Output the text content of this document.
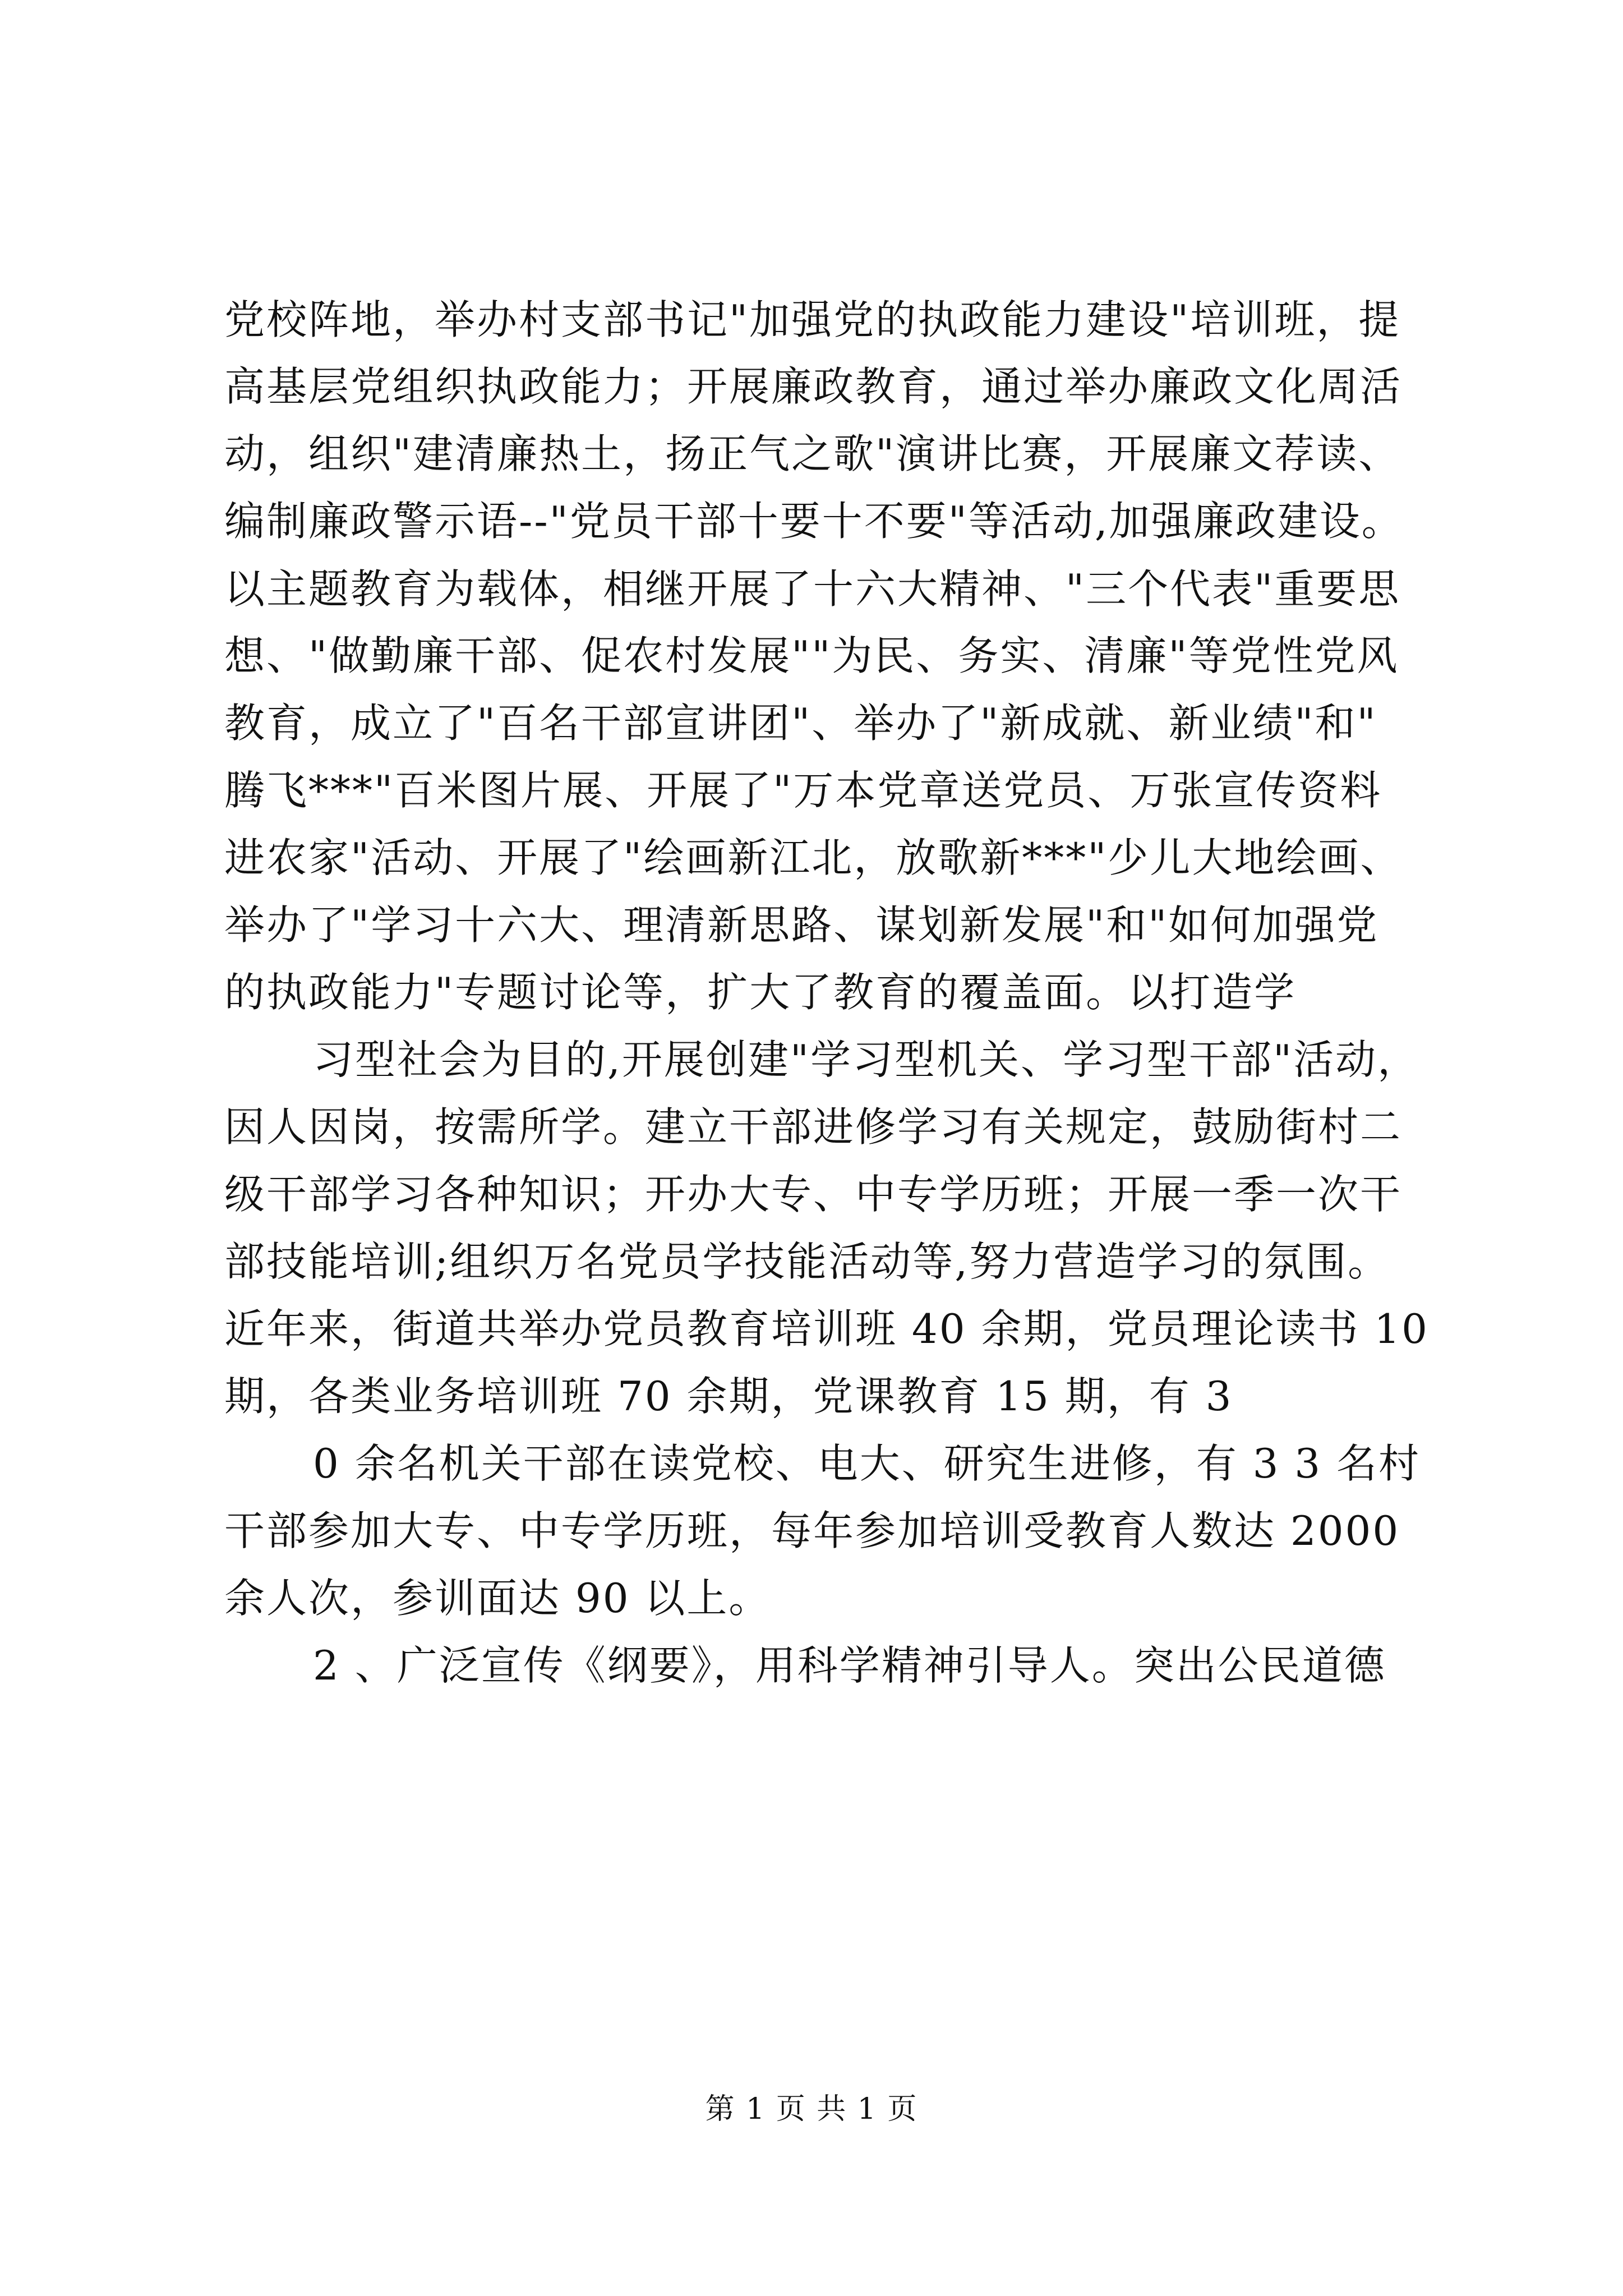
党校阵地，举办村支部书记"加强党的执政能力建设"培训班，提
高基层党组织执政能力；开展廉政教育，通过举办廉政文化周活
动，组织"建清廉热土，扬正气之歌"演讲比赛，开展廉文荐读、
编制廉政警示语--"党员干部十要十不要"等活动,加强廉政建设。
以主题教育为载体，相继开展了十六大精神、"三个代表"重要思
想、"做勤廉干部、促农村发展""为民、务实、清廉"等党性党风
教育，成立了"百名干部宣讲团"、举办了"新成就、新业绩"和"
腾飞***"百米图片展、开展了"万本党章送党员、万张宣传资料
进农家"活动、开展了"绘画新江北，放歌新***"少儿大地绘画、
举办了"学习十六大、理清新思路、谋划新发展"和"如何加强党
的执政能力"专题讨论等，扩大了教育的覆盖面。以打造学
习型社会为目的,开展创建"学习型机关、学习型干部"活动，
因人因岗，按需所学。建立干部进修学习有关规定，鼓励街村二
级干部学习各种知识；开办大专、中专学历班；开展一季一次干
部技能培训;组织万名党员学技能活动等,努力营造学习的氛围。
近年来，街道共举办党员教育培训班 40 余期，党员理论读书 10
期，各类业务培训班 70 余期，党课教育 15 期，有 3
0 余名机关干部在读党校、电大、研究生进修，有 3 3 名村
干部参加大专、中专学历班，每年参加培训受教育人数达 2000
余人次，参训面达 90 以上。
2 、广泛宣传《纲要》，用科学精神引导人。突出公民道德
第 1 页 共 1 页
